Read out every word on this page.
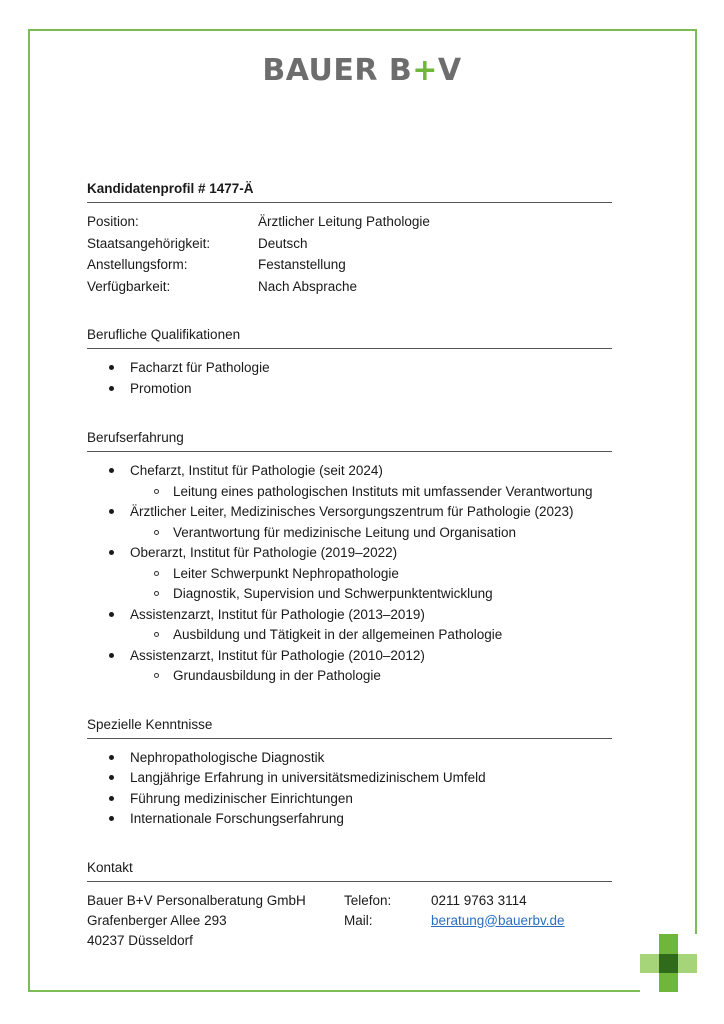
BAUER B+V
Kandidatenprofil # 1477-Ä
Position:	Ärztlicher Leitung Pathologie
Staatsangehörigkeit:	Deutsch
Anstellungsform:	Festanstellung
Verfügbarkeit:	Nach Absprache
Berufliche Qualifikationen
Facharzt für Pathologie
Promotion
Berufserfahrung
Chefarzt, Institut für Pathologie (seit 2024)
Leitung eines pathologischen Instituts mit umfassender Verantwortung
Ärztlicher Leiter, Medizinisches Versorgungszentrum für Pathologie (2023)
Verantwortung für medizinische Leitung und Organisation
Oberarzt, Institut für Pathologie (2019–2022)
Leiter Schwerpunkt Nephropathologie
Diagnostik, Supervision und Schwerpunktentwicklung
Assistenzarzt, Institut für Pathologie (2013–2019)
Ausbildung und Tätigkeit in der allgemeinen Pathologie
Assistenzarzt, Institut für Pathologie (2010–2012)
Grundausbildung in der Pathologie
Spezielle Kenntnisse
Nephropathologische Diagnostik
Langjährige Erfahrung in universitätsmedizinischem Umfeld
Führung medizinischer Einrichtungen
Internationale Forschungserfahrung
Kontakt
Bauer B+V Personalberatung GmbH
Grafenberger Allee 293
40237 Düsseldorf
Telefon:	0211 9763 3114
Mail:	beratung@bauerbv.de
